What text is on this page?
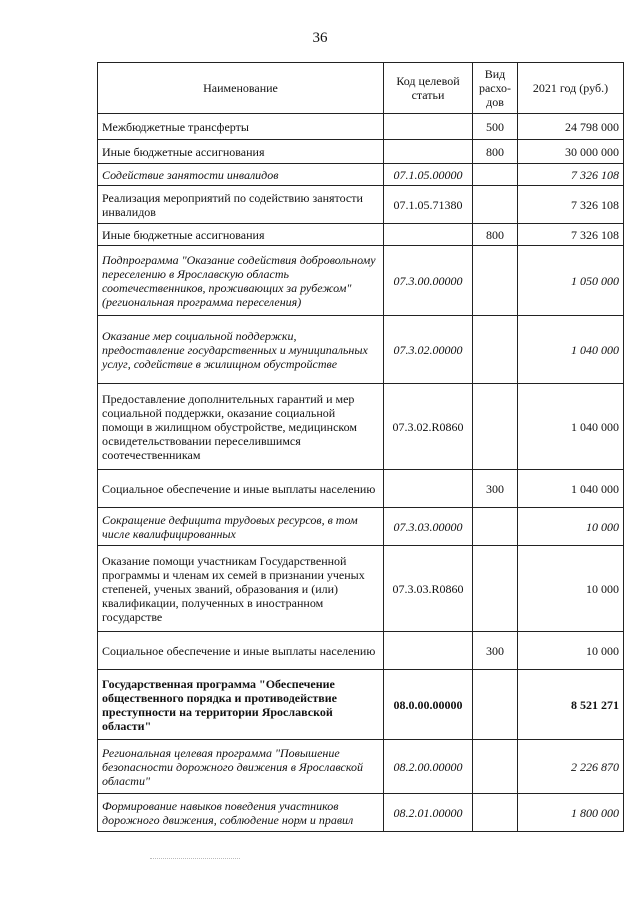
36
Наименование	Код целевой статьи	Вид расхо-дов	2021 год (руб.)
Межбюджетные трансферты		500	24 798 000
Иные бюджетные ассигнования		800	30 000 000
Содействие занятости инвалидов	07.1.05.00000		7 326 108
Реализация мероприятий по содействию занятости инвалидов	07.1.05.71380		7 326 108
Иные бюджетные ассигнования		800	7 326 108
Подпрограмма "Оказание содействия добровольному переселению в Ярославскую область соотечественников, проживающих за рубежом" (региональная программа переселения)	07.3.00.00000		1 050 000
Оказание мер социальной поддержки, предоставление государственных и муниципальных услуг, содействие в жилищном обустройстве	07.3.02.00000		1 040 000
Предоставление дополнительных гарантий и мер социальной поддержки, оказание социальной помощи в жилищном обустройстве, медицинском освидетельствовании переселившимся соотечественникам	07.3.02.R0860		1 040 000
Социальное обеспечение и иные выплаты населению		300	1 040 000
Сокращение дефицита трудовых ресурсов, в том числе квалифицированных	07.3.03.00000		10 000
Оказание помощи участникам Государственной программы и членам их семей в признании ученых степеней, ученых званий, образования и (или) квалификации, полученных в иностранном государстве	07.3.03.R0860		10 000
Социальное обеспечение и иные выплаты населению		300	10 000
Государственная программа "Обеспечение общественного порядка и противодействие преступности на территории Ярославской области"	08.0.00.00000		8 521 271
Региональная целевая программа "Повышение безопасности дорожного движения в Ярославской области"	08.2.00.00000		2 226 870
Формирование навыков поведения участников дорожного движения, соблюдение норм и правил	08.2.01.00000		1 800 000
